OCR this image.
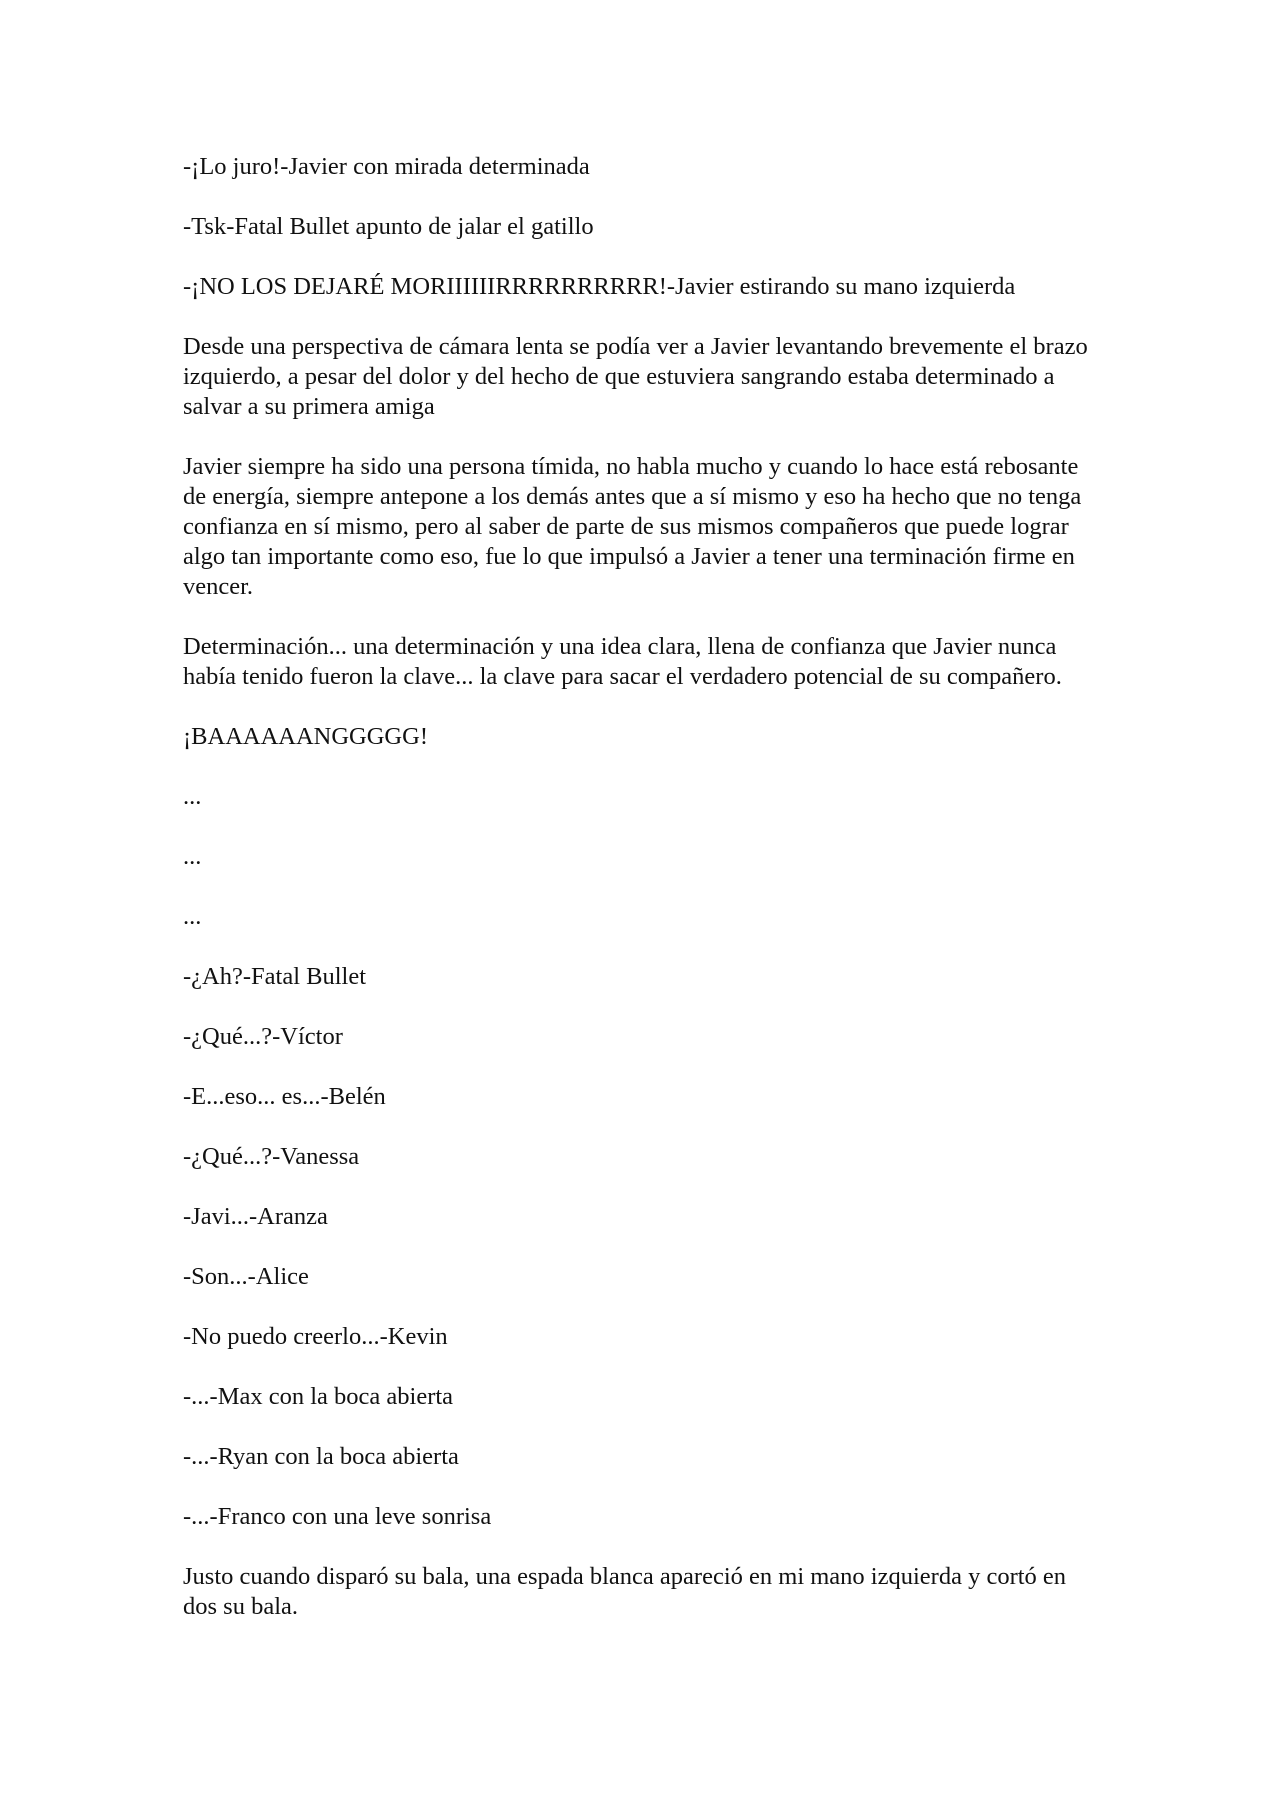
-¡Lo juro!-Javier con mirada determinada

-Tsk-Fatal Bullet apunto de jalar el gatillo

-¡NO LOS DEJARÉ MORIIIIIIRRRRRRRRRR!-Javier estirando su mano izquierda

Desde una perspectiva de cámara lenta se podía ver a Javier levantando brevemente el brazo izquierdo, a pesar del dolor y del hecho de que estuviera sangrando estaba determinado a salvar a su primera amiga

Javier siempre ha sido una persona tímida, no habla mucho y cuando lo hace está rebosante de energía, siempre antepone a los demás antes que a sí mismo y eso ha hecho que no tenga confianza en sí mismo, pero al saber de parte de sus mismos compañeros que puede lograr algo tan importante como eso, fue lo que impulsó a Javier a tener una terminación firme en vencer.

Determinación... una determinación y una idea clara, llena de confianza que Javier nunca había tenido fueron la clave... la clave para sacar el verdadero potencial de su compañero.

¡BAAAAAANGGGGG!

...

...

...

-¿Ah?-Fatal Bullet

-¿Qué...?-Víctor

-E...eso... es...-Belén

-¿Qué...?-Vanessa

-Javi...-Aranza

-Son...-Alice

-No puedo creerlo...-Kevin

-...-Max con la boca abierta

-...-Ryan con la boca abierta

-...-Franco con una leve sonrisa

Justo cuando disparó su bala, una espada blanca apareció en mi mano izquierda y cortó en dos su bala.
